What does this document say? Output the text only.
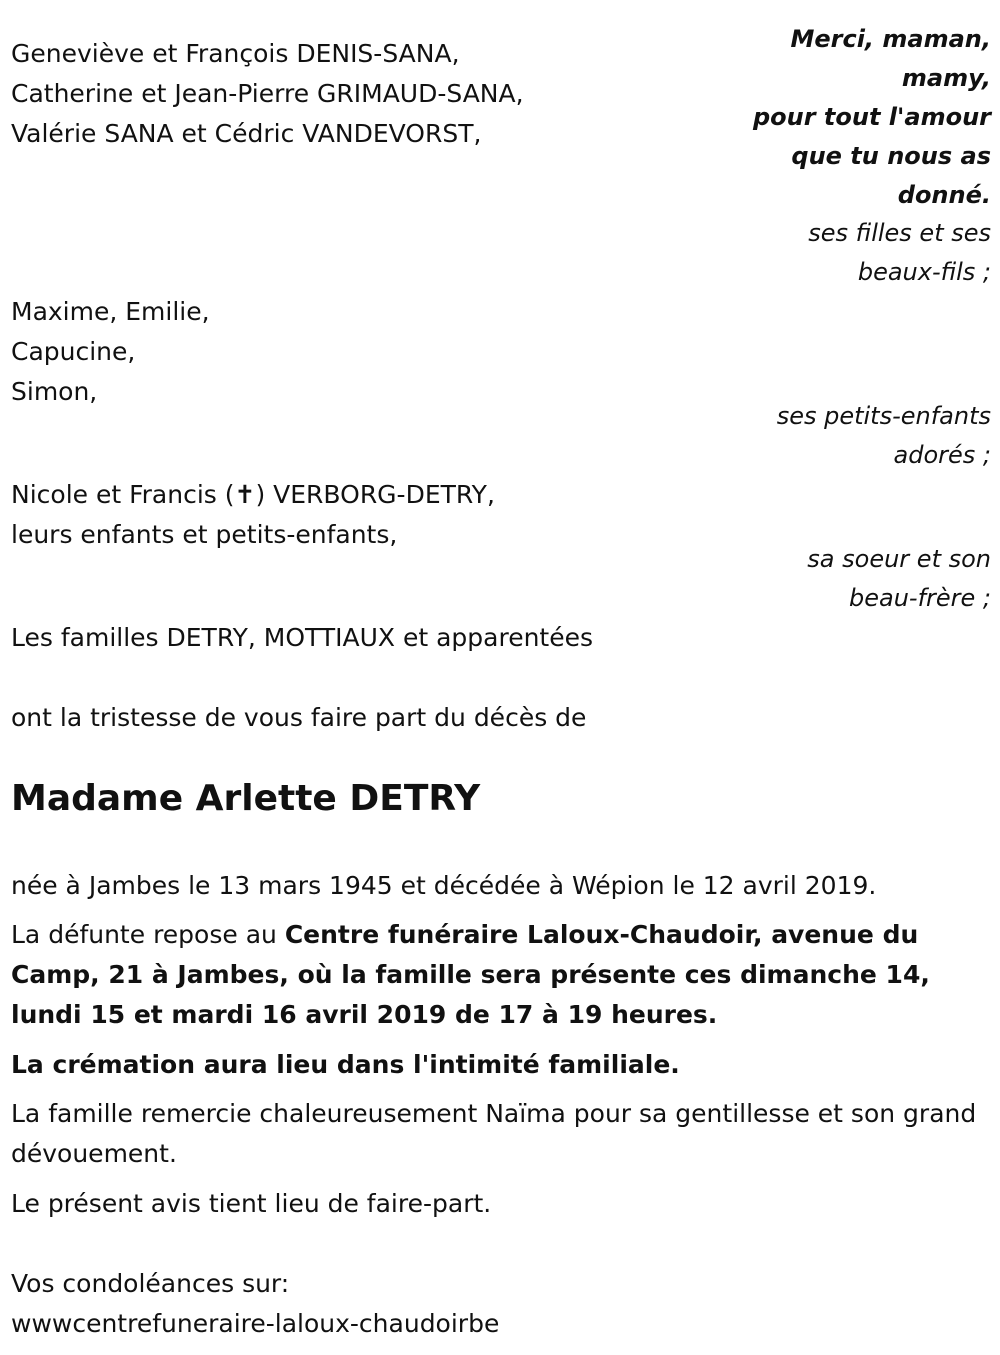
Geneviève et François DENIS-SANA,

Catherine et Jean-Pierre GRIMAUD-SANA,

Valérie SANA et Cédric VANDEVORST,

Maxime, Emilie,

Capucine,

Simon,

Nicole et Francis (✝) VERBORG-DETRY,

leurs enfants et petits-enfants,

Les familles DETRY, MOTTIAUX et apparentées

Merci, maman,

mamy,

pour tout l'amour

que tu nous as

donné.

ses filles et ses

beaux-fils ;

ses petits-enfants

adorés ;

sa soeur et son

beau-frère ;

ont la tristesse de vous faire part du décès de

Madame Arlette DETRY

née à Jambes le 13 mars 1945 et décédée à Wépion le 12 avril 2019.

La défunte repose au Centre funéraire Laloux-Chaudoir, avenue du Camp, 21 à Jambes, où la famille sera présente ces dimanche 14, lundi 15 et mardi 16 avril 2019 de 17 à 19 heures.

La crémation aura lieu dans l'intimité familiale.

La famille remercie chaleureusement Naïma pour sa gentillesse et son grand dévouement.

Le présent avis tient lieu de faire-part.

Vos condoléances sur:

wwwcentrefuneraire-laloux-chaudoirbe
